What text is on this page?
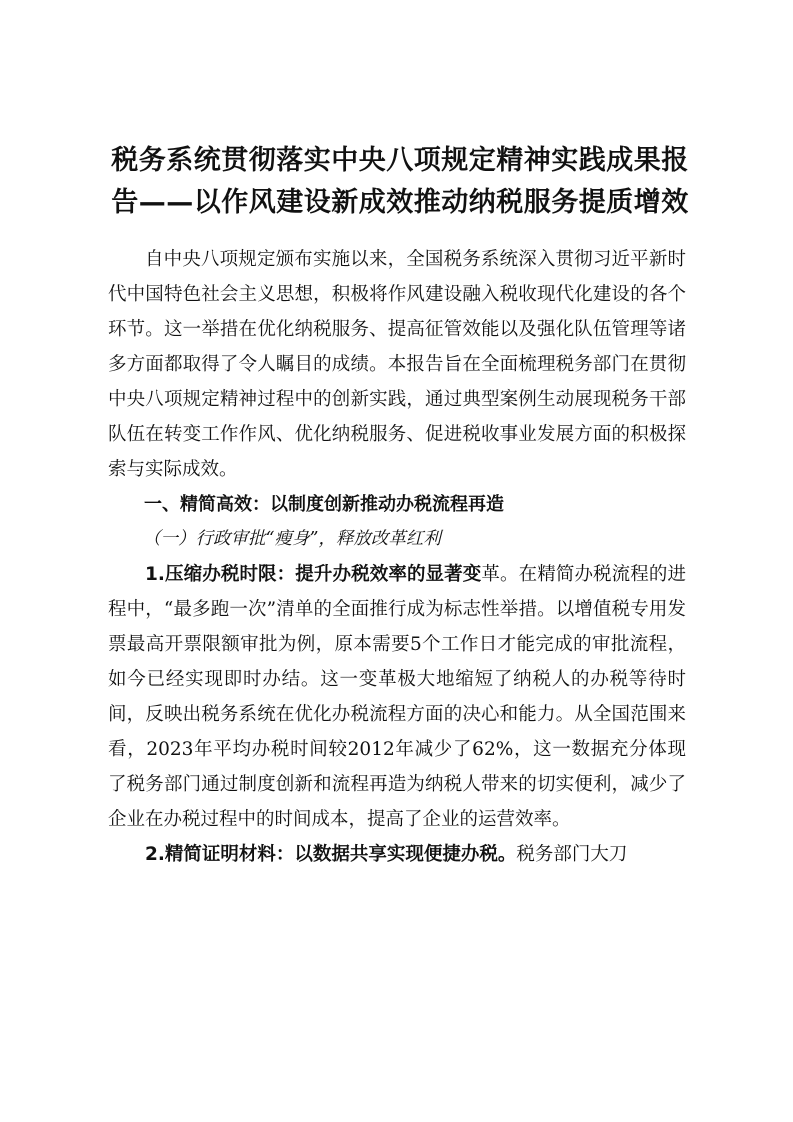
税务系统贯彻落实中央八项规定精神实践成果报告——以作风建设新成效推动纳税服务提质增效

自中央八项规定颁布实施以来，全国税务系统深入贯彻习近平新时代中国特色社会主义思想，积极将作风建设融入税收现代化建设的各个环节。这一举措在优化纳税服务、提高征管效能以及强化队伍管理等诸多方面都取得了令人瞩目的成绩。本报告旨在全面梳理税务部门在贯彻中央八项规定精神过程中的创新实践，通过典型案例生动展现税务干部队伍在转变工作作风、优化纳税服务、促进税收事业发展方面的积极探索与实际成效。

一、精简高效：以制度创新推动办税流程再造

（一）行政审批“瘦身”，释放改革红利

1.压缩办税时限：提升办税效率的显著变革。在精简办税流程的进程中，“最多跑一次”清单的全面推行成为标志性举措。以增值税专用发票最高开票限额审批为例，原本需要5个工作日才能完成的审批流程，如今已经实现即时办结。这一变革极大地缩短了纳税人的办税等待时间，反映出税务系统在优化办税流程方面的决心和能力。从全国范围来看，2023年平均办税时间较2012年减少了62%，这一数据充分体现了税务部门通过制度创新和流程再造为纳税人带来的切实便利，减少了企业在办税过程中的时间成本，提高了企业的运营效率。

2.精简证明材料：以数据共享实现便捷办税。税务部门大刀
